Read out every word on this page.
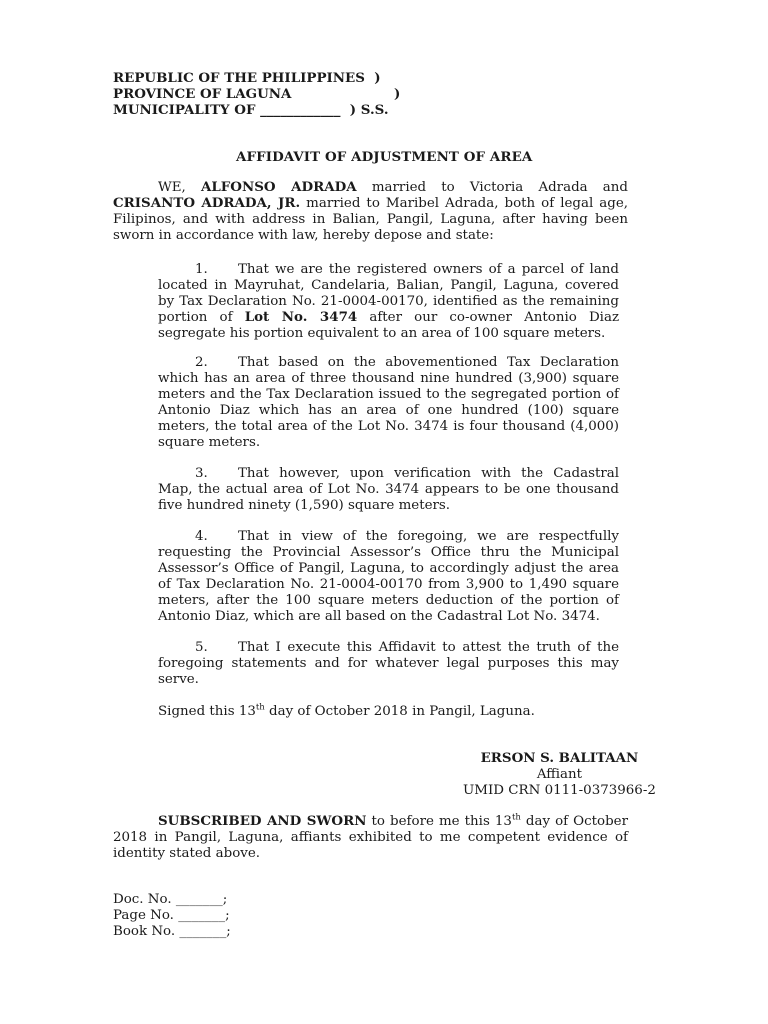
REPUBLIC OF THE PHILIPPINES  )
PROVINCE OF LAGUNA                      )
MUNICIPALITY OF ____________  ) S.S.
AFFIDAVIT OF ADJUSTMENT OF AREA
WE, ALFONSO ADRADA married to Victoria Adrada and CRISANTO ADRADA, JR. married to Maribel Adrada, both of legal age, Filipinos, and with address in Balian, Pangil, Laguna, after having been sworn in accordance with law, hereby depose and state:
1. That we are the registered owners of a parcel of land located in Mayruhat, Candelaria, Balian, Pangil, Laguna, covered by Tax Declaration No. 21-0004-00170, identified as the remaining portion of Lot No. 3474 after our co-owner Antonio Diaz segregate his portion equivalent to an area of 100 square meters.
2. That based on the abovementioned Tax Declaration which has an area of three thousand nine hundred (3,900) square meters and the Tax Declaration issued to the segregated portion of Antonio Diaz which has an area of one hundred (100) square meters, the total area of the Lot No. 3474 is four thousand (4,000) square meters.
3. That however, upon verification with the Cadastral Map, the actual area of Lot No. 3474 appears to be one thousand five hundred ninety (1,590) square meters.
4. That in view of the foregoing, we are respectfully requesting the Provincial Assessor’s Office thru the Municipal Assessor’s Office of Pangil, Laguna, to accordingly adjust the area of Tax Declaration No. 21-0004-00170 from 3,900 to 1,490 square meters, after the 100 square meters deduction of the portion of Antonio Diaz, which are all based on the Cadastral Lot No. 3474.
5. That I execute this Affidavit to attest the truth of the foregoing statements and for whatever legal purposes this may serve.
Signed this 13th day of October 2018 in Pangil, Laguna.
ERSON S. BALITAAN
Affiant
UMID CRN 0111-0373966-2
SUBSCRIBED AND SWORN to before me this 13th day of October 2018 in Pangil, Laguna, affiants exhibited to me competent evidence of identity stated above.
Doc. No. _______;
Page No. _______;
Book No. _______;
